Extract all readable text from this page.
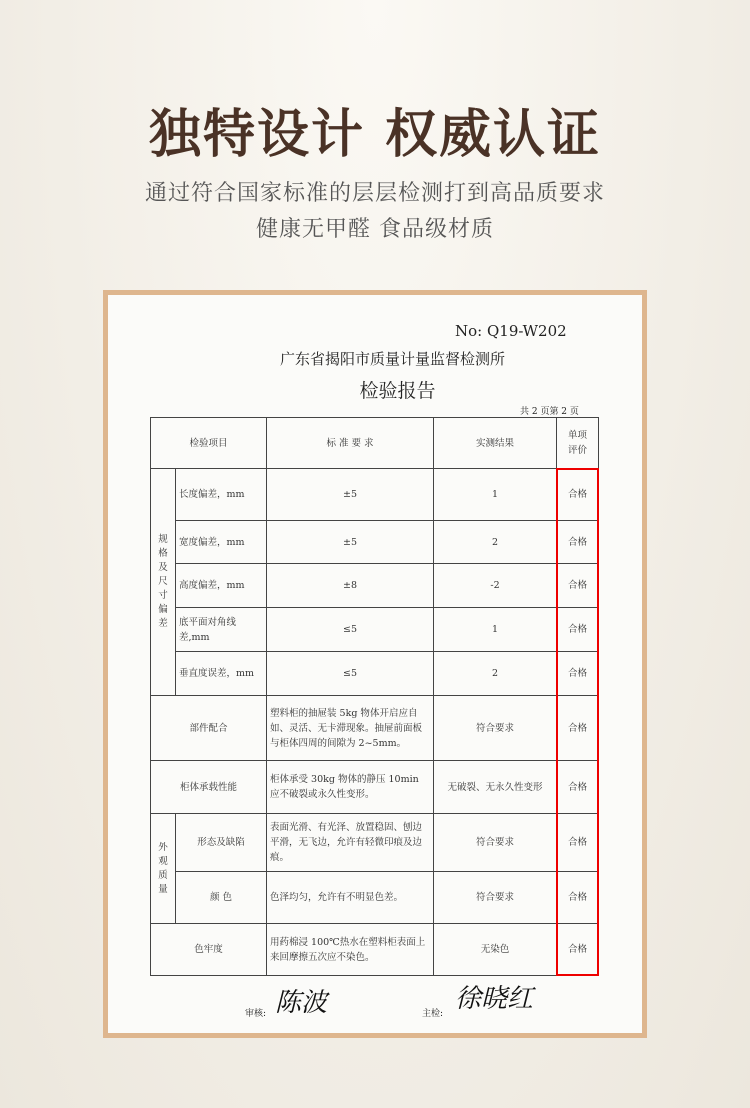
独特设计 权威认证
通过符合国家标准的层层检测打到高品质要求
健康无甲醛 食品级材质
No: Q19-W202
广东省揭阳市质量计量监督检测所
检验报告
共 2 页第 2 页
检验项目		标 准 要 求	实测结果	单项评价
规格及尺寸偏差	长度偏差，mm	±5	1	合格
	宽度偏差，mm	±5	2	合格
	高度偏差，mm	±8	-2	合格
	底平面对角线差,mm	≤5	1	合格
	垂直度误差，mm	≤5	2	合格
部件配合		塑料柜的抽屉装 5kg 物体开启应自如、灵活、无卡滞现象。抽屉前面板与柜体四周的间隙为 2~5mm。	符合要求	合格
柜体承载性能		柜体承受 30kg 物体的静压 10min 应不破裂或永久性变形。	无破裂、无永久性变形	合格
外观质量	形态及缺陷	表面光滑、有光泽、放置稳固、刨边平滑，无飞边，允许有轻微印痕及边痕。	符合要求	合格
	颜 色	色泽均匀，允许有不明显色差。	符合要求	合格
色牢度		用药棉浸 100℃热水在塑料柜表面上来回摩擦五次应不染色。	无染色	合格
审核: 陈波	主检: 徐晓红
